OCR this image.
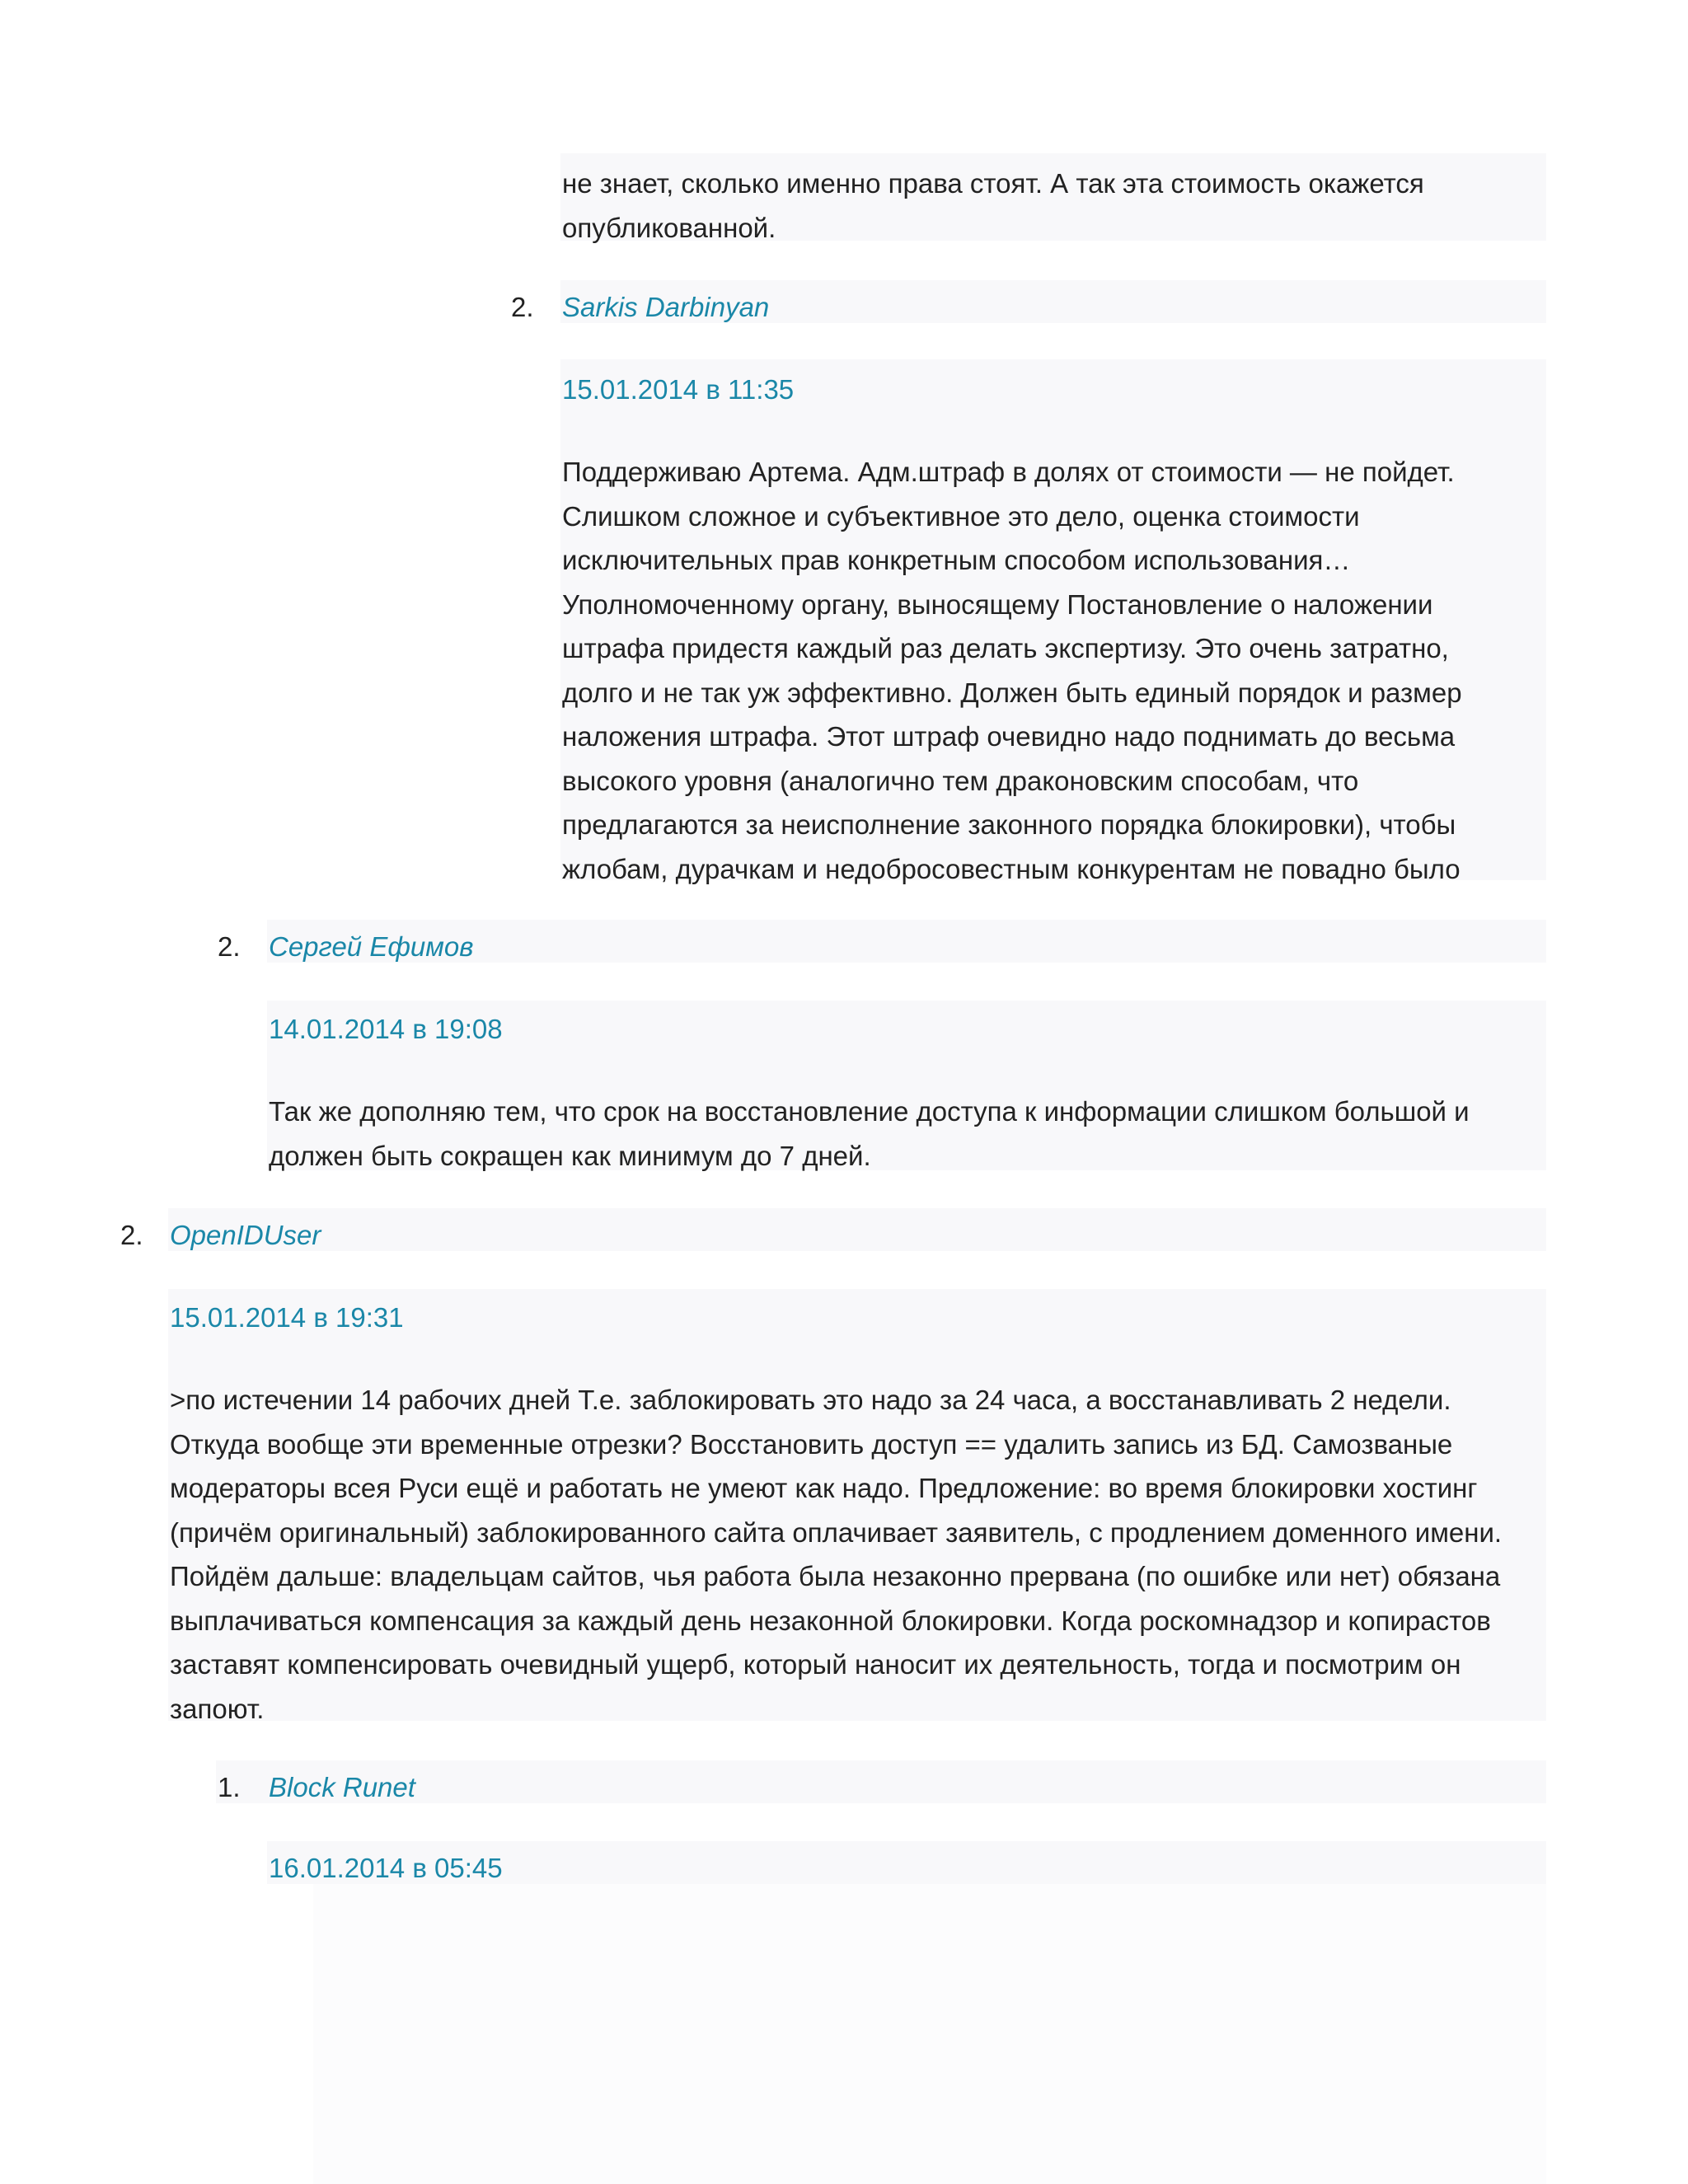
не знает, сколько именно права стоят. А так эта стоимость окажется опубликованной.

2. Sarkis Darbinyan
15.01.2014 в 11:35

Поддерживаю Артема. Адм.штраф в долях от стоимости — не пойдет. Слишком сложное и субъективное это дело, оценка стоимости исключительных прав конкретным способом использования…Уполномоченному органу, выносящему Постановление о наложении штрафа придестя каждый раз делать экспертизу. Это очень затратно, долго и не так уж эффективно. Должен быть единый порядок и размер наложения штрафа. Этот штраф очевидно надо поднимать до весьма высокого уровня (аналогично тем драконовским способам, что предлагаются за неисполнение законного порядка блокировки), чтобы жлобам, дурачкам и недобросовестным конкурентам не повадно было

2. Сергей Ефимов
14.01.2014 в 19:08

Так же дополняю тем, что срок на восстановление доступа к информации слишком большой и должен быть сокращен как минимум до 7 дней.

2. OpenIDUser
15.01.2014 в 19:31

>по истечении 14 рабочих дней Т.е. заблокировать это надо за 24 часа, а восстанавливать 2 недели. Откуда вообще эти временные отрезки? Восстановить доступ == удалить запись из БД. Самозваные модераторы всея Руси ещё и работать не умеют как надо. Предложение: во время блокировки хостинг (причём оригинальный) заблокированного сайта оплачивает заявитель, с продлением доменного имени. Пойдём дальше: владельцам сайтов, чья работа была незаконно прервана (по ошибке или нет) обязана выплачиваться компенсация за каждый день незаконной блокировки. Когда роскомнадзор и копирастов заставят компенсировать очевидный ущерб, который наносит их деятельность, тогда и посмотрим он запоют.

1. Block Runet
16.01.2014 в 05:45
